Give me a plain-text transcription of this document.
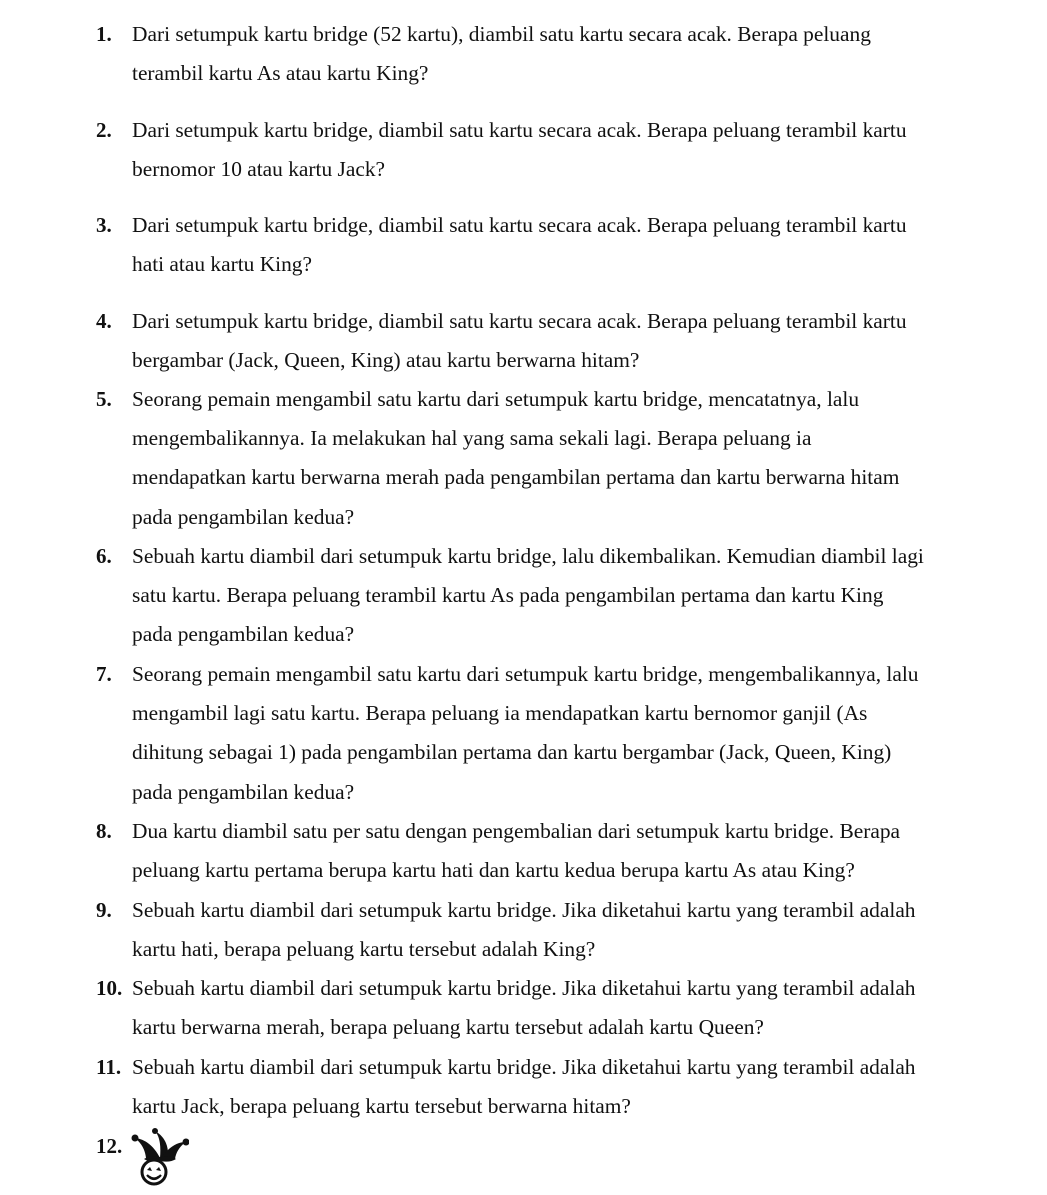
1. Dari setumpuk kartu bridge (52 kartu), diambil satu kartu secara acak. Berapa peluang
terambil kartu As atau kartu King?
2. Dari setumpuk kartu bridge, diambil satu kartu secara acak. Berapa peluang terambil kartu
bernomor 10 atau kartu Jack?
3. Dari setumpuk kartu bridge, diambil satu kartu secara acak. Berapa peluang terambil kartu
hati atau kartu King?
4. Dari setumpuk kartu bridge, diambil satu kartu secara acak. Berapa peluang terambil kartu
bergambar (Jack, Queen, King) atau kartu berwarna hitam?
5. Seorang pemain mengambil satu kartu dari setumpuk kartu bridge, mencatatnya, lalu
mengembalikannya. Ia melakukan hal yang sama sekali lagi. Berapa peluang ia
mendapatkan kartu berwarna merah pada pengambilan pertama dan kartu berwarna hitam
pada pengambilan kedua?
6. Sebuah kartu diambil dari setumpuk kartu bridge, lalu dikembalikan. Kemudian diambil lagi
satu kartu. Berapa peluang terambil kartu As pada pengambilan pertama dan kartu King
pada pengambilan kedua?
7. Seorang pemain mengambil satu kartu dari setumpuk kartu bridge, mengembalikannya, lalu
mengambil lagi satu kartu. Berapa peluang ia mendapatkan kartu bernomor ganjil (As
dihitung sebagai 1) pada pengambilan pertama dan kartu bergambar (Jack, Queen, King)
pada pengambilan kedua?
8. Dua kartu diambil satu per satu dengan pengembalian dari setumpuk kartu bridge. Berapa
peluang kartu pertama berupa kartu hati dan kartu kedua berupa kartu As atau King?
9. Sebuah kartu diambil dari setumpuk kartu bridge. Jika diketahui kartu yang terambil adalah
kartu hati, berapa peluang kartu tersebut adalah King?
10. Sebuah kartu diambil dari setumpuk kartu bridge. Jika diketahui kartu yang terambil adalah
kartu berwarna merah, berapa peluang kartu tersebut adalah kartu Queen?
11. Sebuah kartu diambil dari setumpuk kartu bridge. Jika diketahui kartu yang terambil adalah
kartu Jack, berapa peluang kartu tersebut berwarna hitam?
12.
